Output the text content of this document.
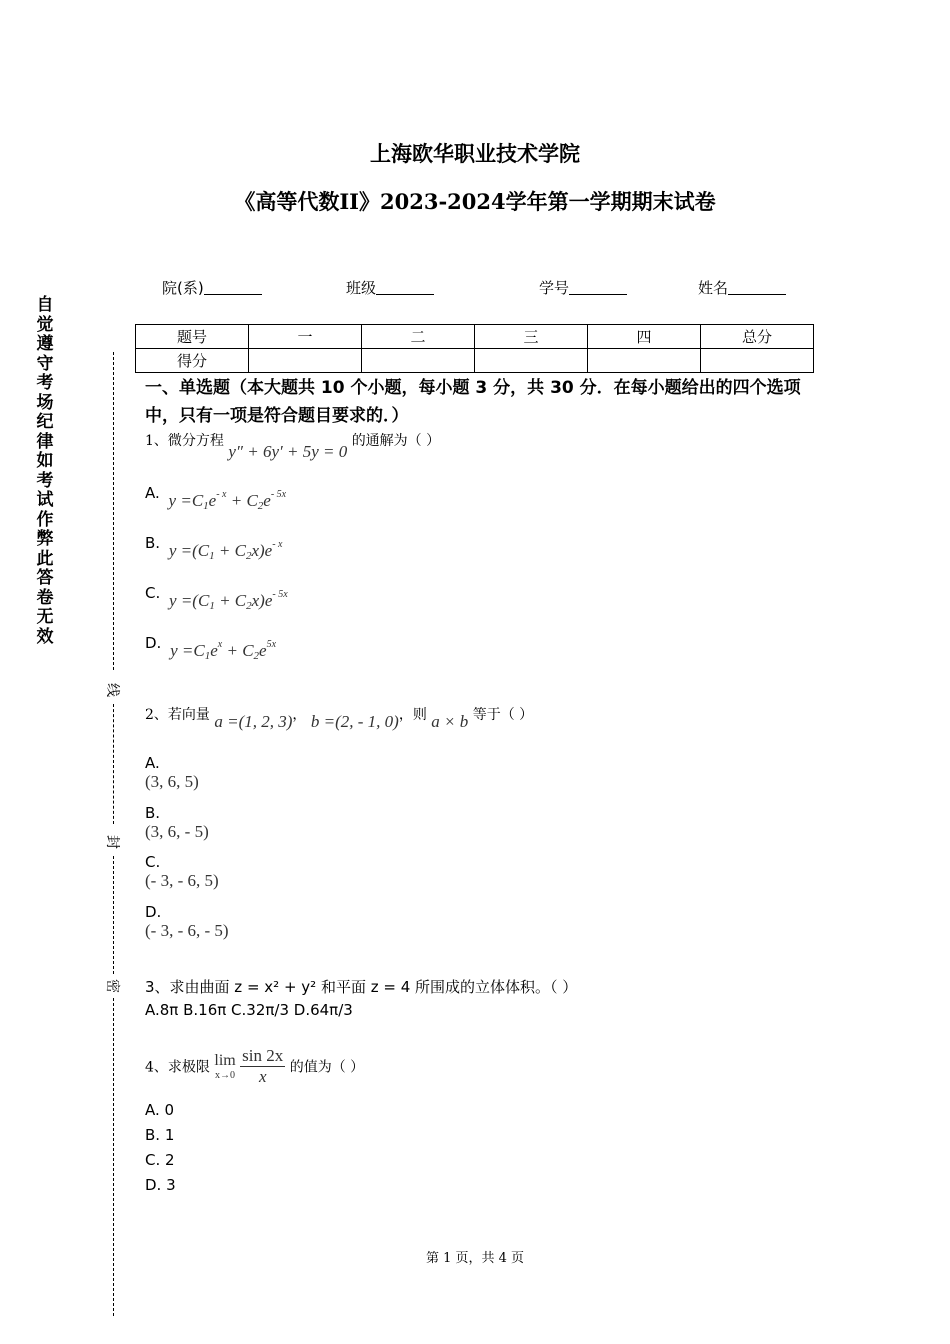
上海欧华职业技术学院
《高等代数II》2023-2024学年第一学期期末试卷
院(系)	班级	学号	姓名
题号	一	二	三	四	总分
得分					
自觉遵守考场纪律如考试作弊此答卷无效
线
封
密
一、单选题（本大题共 10 个小题，每小题 3 分，共 30 分．在每小题给出的四个选项中，只有一项是符合题目要求的．）
1、微分方程 y″ + 6y′ + 5y = 0 的通解为（ ）
A. $y =C_1e^{- x} + C_2e^{- 5x}$
B. $y =(C_1 + C_2x)e^{- x}$
C. $y =(C_1 + C_2x)e^{- 5x}$
D. $y =C_1e^x + C_2e^{5x}$
2、若向量 a =(1, 2, 3)， b =(2, - 1, 0)，则 a × b 等于（ ）
A.
(3, 6, 5)
B.
(3, 6, - 5)
C.
(- 3, - 6, 5)
D.
(- 3, - 6, - 5)
3、求由曲面 z = x² + y² 和平面 z = 4 所围成的立体体积。（ ）
A.8π B.16π C.32π/3 D.64π/3
4、求极限 lim
x→0
$\frac{\sin 2x}{x}$ 的值为（ ）
A. 0
B. 1
C. 2
D. 3
第 1 页，共 4 页
